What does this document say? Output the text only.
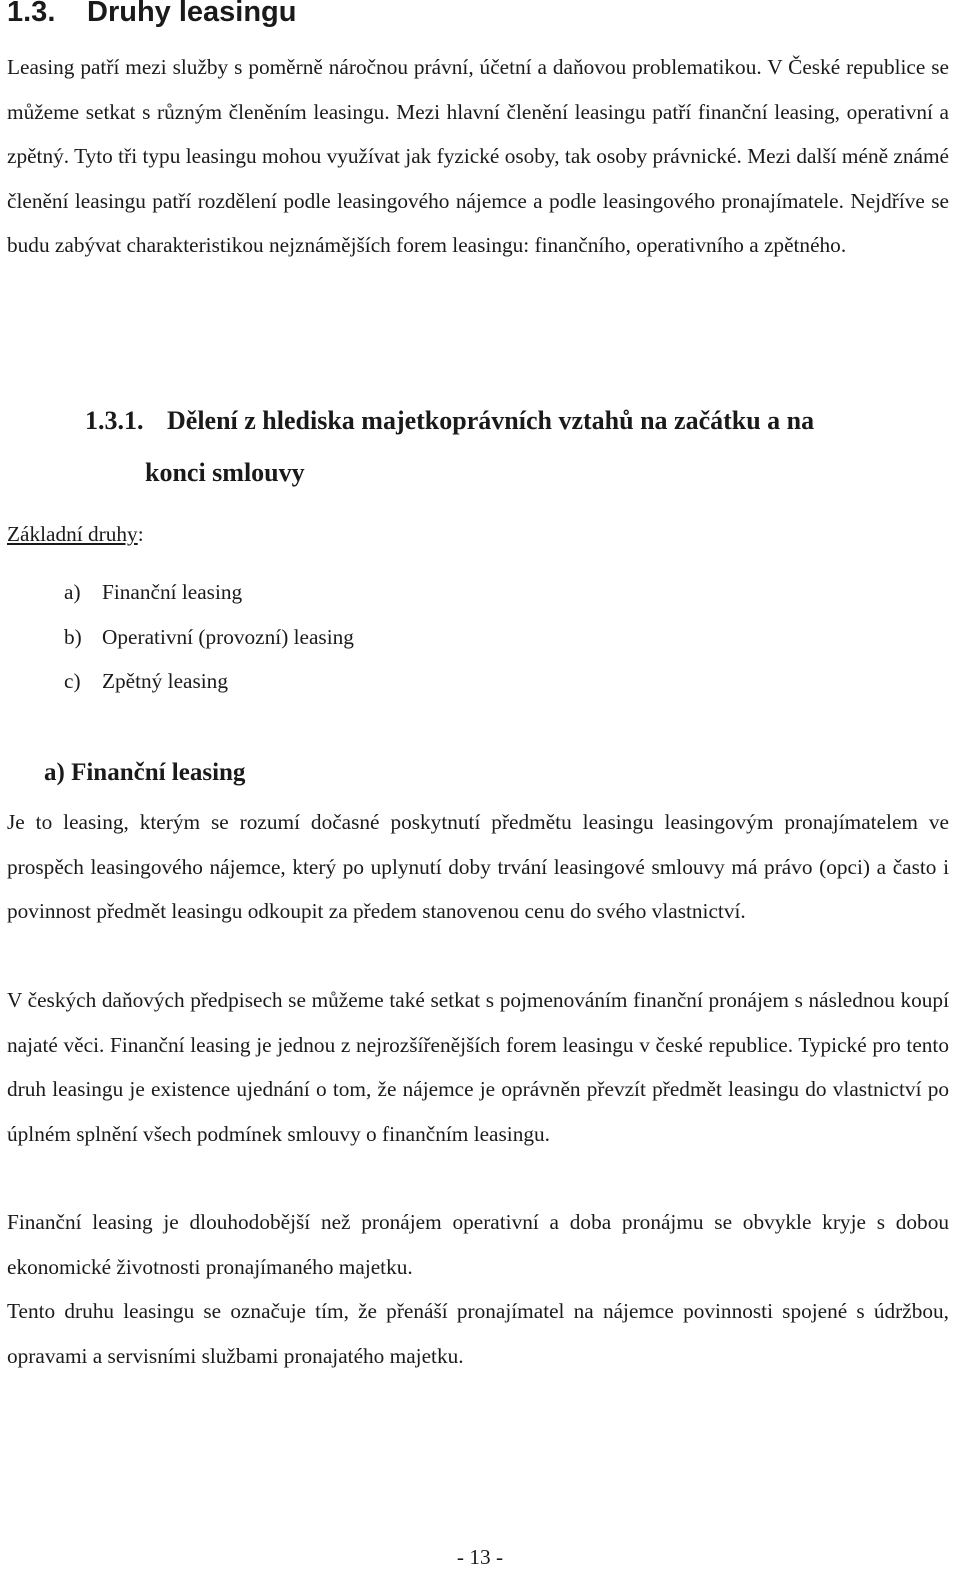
1.3. Druhy leasingu

Leasing patří mezi služby s poměrně náročnou právní, účetní a daňovou problematikou. V České republice se můžeme setkat s různým členěním leasingu. Mezi hlavní členění leasingu patří finanční leasing, operativní a zpětný. Tyto tři typu leasingu mohou využívat jak fyzické osoby, tak osoby právnické. Mezi další méně známé členění leasingu patří rozdělení podle leasingového nájemce a podle leasingového pronajímatele. Nejdříve se budu zabývat charakteristikou nejznámějších forem leasingu: finančního, operativního a zpětného.

1.3.1. Dělení z hlediska majetkoprávních vztahů na začátku a na
konci smlouvy

Základní druhy:

a) Finanční leasing
b) Operativní (provozní) leasing
c) Zpětný leasing
a) Finanční leasing

Je to leasing, kterým se rozumí dočasné poskytnutí předmětu leasingu leasingovým pronajímatelem ve prospěch leasingového nájemce, který po uplynutí doby trvání leasingové smlouvy má právo (opci) a často i povinnost předmět leasingu odkoupit za předem stanovenou cenu do svého vlastnictví.

V českých daňových předpisech se můžeme také setkat s pojmenováním finanční pronájem s následnou koupí najaté věci. Finanční leasing je jednou z nejrozšířenějších forem leasingu v české republice. Typické pro tento druh leasingu je existence ujednání o tom, že nájemce je oprávněn převzít předmět leasingu do vlastnictví po úplném splnění všech podmínek smlouvy o finančním leasingu.

Finanční leasing je dlouhodobější než pronájem operativní a doba pronájmu se obvykle kryje s dobou ekonomické životnosti pronajímaného majetku.

Tento druhu leasingu se označuje tím, že přenáší pronajímatel na nájemce povinnosti spojené s údržbou, opravami a servisními službami pronajatého majetku.

- 13 -
